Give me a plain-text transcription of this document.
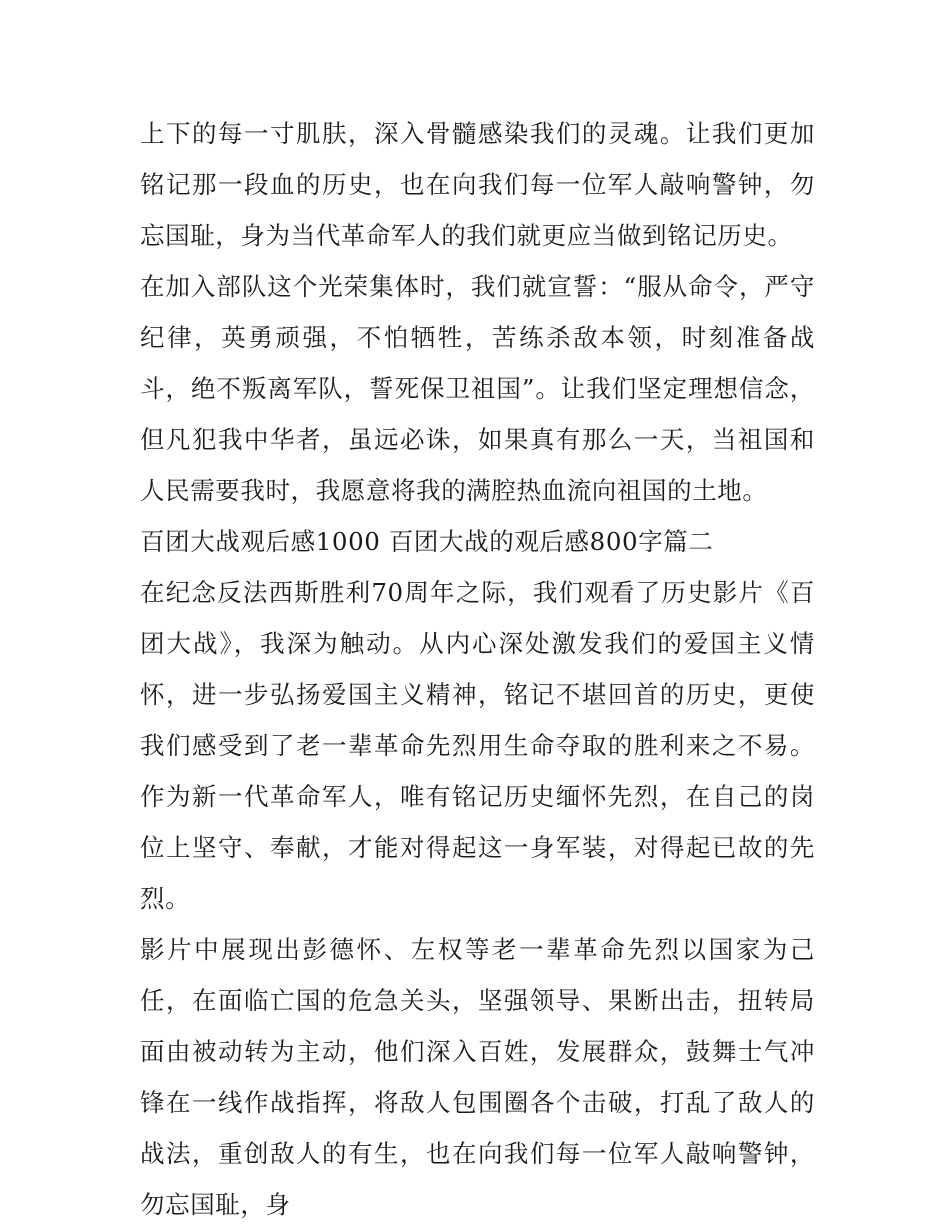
上下的每一寸肌肤，深入骨髓感染我们的灵魂。让我们更加铭记那一段血的历史，也在向我们每一位军人敲响警钟，勿忘国耻，身为当代革命军人的我们就更应当做到铭记历史。

在加入部队这个光荣集体时，我们就宣誓：“服从命令，严守纪律，英勇顽强，不怕牺牲，苦练杀敌本领，时刻准备战斗，绝不叛离军队，誓死保卫祖国”。让我们坚定理想信念，但凡犯我中华者，虽远必诛，如果真有那么一天，当祖国和人民需要我时，我愿意将我的满腔热血流向祖国的土地。

百团大战观后感1000 百团大战的观后感800字篇二

在纪念反法西斯胜利70周年之际，我们观看了历史影片《百团大战》，我深为触动。从内心深处激发我们的爱国主义情怀，进一步弘扬爱国主义精神，铭记不堪回首的历史，更使我们感受到了老一辈革命先烈用生命夺取的胜利来之不易。作为新一代革命军人，唯有铭记历史缅怀先烈，在自己的岗位上坚守、奉献，才能对得起这一身军装，对得起已故的先烈。

影片中展现出彭德怀、左权等老一辈革命先烈以国家为己任，在面临亡国的危急关头，坚强领导、果断出击，扭转局面由被动转为主动，他们深入百姓，发展群众，鼓舞士气冲锋在一线作战指挥，将敌人包围圈各个击破，打乱了敌人的战法，重创敌人的有生，也在向我们每一位军人敲响警钟，勿忘国耻，身
